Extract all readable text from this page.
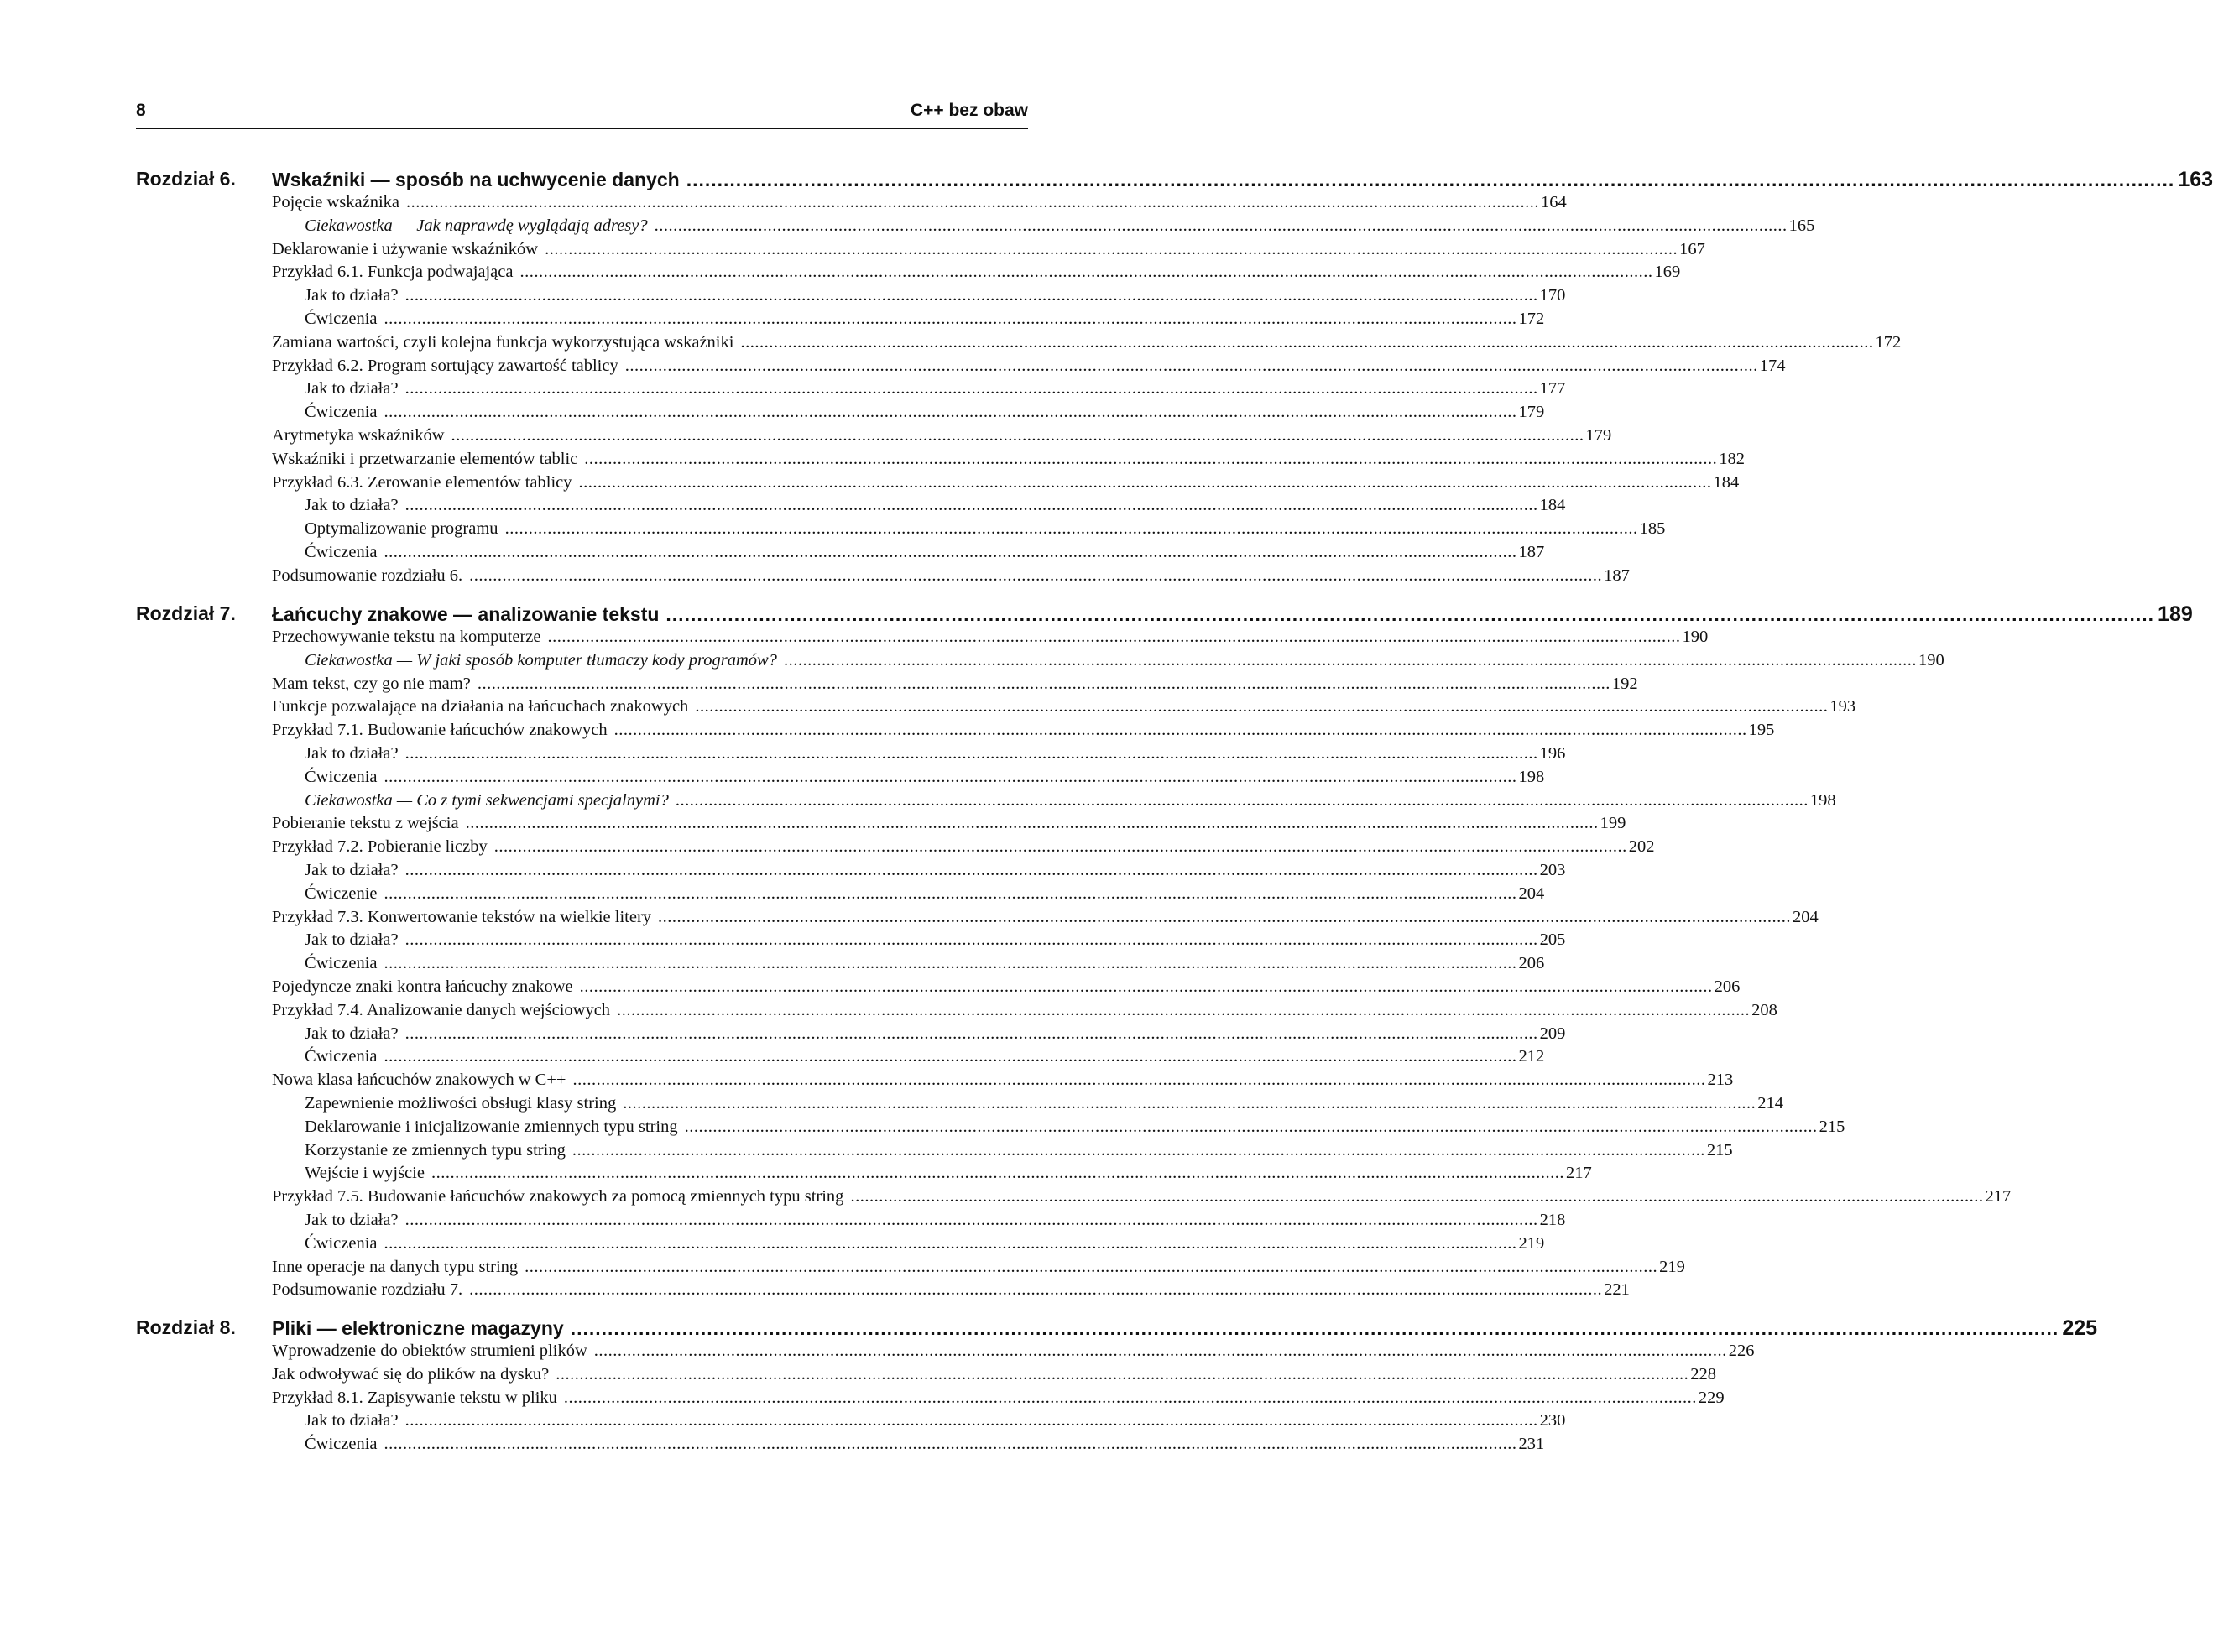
8	C++ bez obaw
Rozdział 6. Wskaźniki — sposób na uchwycenie danych ................................................................................................................................................................................................................................................ 163
Pojęcie wskaźnika ................................................................................................................................................................................................................................................ 164
Ciekawostka — Jak naprawdę wyglądają adresy? ................................................................................................................................................................................................................................................ 165
Deklarowanie i używanie wskaźników ................................................................................................................................................................................................................................................ 167
Przykład 6.1. Funkcja podwajająca ................................................................................................................................................................................................................................................ 169
Jak to działa? ................................................................................................................................................................................................................................................ 170
Ćwiczenia ................................................................................................................................................................................................................................................ 172
Zamiana wartości, czyli kolejna funkcja wykorzystująca wskaźniki ................................................................................................................................................................................................................................................ 172
Przykład 6.2. Program sortujący zawartość tablicy ................................................................................................................................................................................................................................................ 174
Jak to działa? ................................................................................................................................................................................................................................................ 177
Ćwiczenia ................................................................................................................................................................................................................................................ 179
Arytmetyka wskaźników ................................................................................................................................................................................................................................................ 179
Wskaźniki i przetwarzanie elementów tablic ................................................................................................................................................................................................................................................ 182
Przykład 6.3. Zerowanie elementów tablicy ................................................................................................................................................................................................................................................ 184
Jak to działa? ................................................................................................................................................................................................................................................ 184
Optymalizowanie programu ................................................................................................................................................................................................................................................ 185
Ćwiczenia ................................................................................................................................................................................................................................................ 187
Podsumowanie rozdziału 6. ................................................................................................................................................................................................................................................ 187
Rozdział 7. Łańcuchy znakowe — analizowanie tekstu ................................................................................................................................................................................................................................................ 189
Przechowywanie tekstu na komputerze ................................................................................................................................................................................................................................................ 190
Ciekawostka — W jaki sposób komputer tłumaczy kody programów? ................................................................................................................................................................................................................................................ 190
Mam tekst, czy go nie mam? ................................................................................................................................................................................................................................................ 192
Funkcje pozwalające na działania na łańcuchach znakowych ................................................................................................................................................................................................................................................ 193
Przykład 7.1. Budowanie łańcuchów znakowych ................................................................................................................................................................................................................................................ 195
Jak to działa? ................................................................................................................................................................................................................................................ 196
Ćwiczenia ................................................................................................................................................................................................................................................ 198
Ciekawostka — Co z tymi sekwencjami specjalnymi? ................................................................................................................................................................................................................................................ 198
Pobieranie tekstu z wejścia ................................................................................................................................................................................................................................................ 199
Przykład 7.2. Pobieranie liczby ................................................................................................................................................................................................................................................ 202
Jak to działa? ................................................................................................................................................................................................................................................ 203
Ćwiczenie ................................................................................................................................................................................................................................................ 204
Przykład 7.3. Konwertowanie tekstów na wielkie litery ................................................................................................................................................................................................................................................ 204
Jak to działa? ................................................................................................................................................................................................................................................ 205
Ćwiczenia ................................................................................................................................................................................................................................................ 206
Pojedyncze znaki kontra łańcuchy znakowe ................................................................................................................................................................................................................................................ 206
Przykład 7.4. Analizowanie danych wejściowych ................................................................................................................................................................................................................................................ 208
Jak to działa? ................................................................................................................................................................................................................................................ 209
Ćwiczenia ................................................................................................................................................................................................................................................ 212
Nowa klasa łańcuchów znakowych w C++ ................................................................................................................................................................................................................................................ 213
Zapewnienie możliwości obsługi klasy string ................................................................................................................................................................................................................................................ 214
Deklarowanie i inicjalizowanie zmiennych typu string ................................................................................................................................................................................................................................................ 215
Korzystanie ze zmiennych typu string ................................................................................................................................................................................................................................................ 215
Wejście i wyjście ................................................................................................................................................................................................................................................ 217
Przykład 7.5. Budowanie łańcuchów znakowych za pomocą zmiennych typu string ................................................................................................................................................................................................................................................ 217
Jak to działa? ................................................................................................................................................................................................................................................ 218
Ćwiczenia ................................................................................................................................................................................................................................................ 219
Inne operacje na danych typu string ................................................................................................................................................................................................................................................ 219
Podsumowanie rozdziału 7. ................................................................................................................................................................................................................................................ 221
Rozdział 8. Pliki — elektroniczne magazyny ................................................................................................................................................................................................................................................ 225
Wprowadzenie do obiektów strumieni plików ................................................................................................................................................................................................................................................ 226
Jak odwoływać się do plików na dysku? ................................................................................................................................................................................................................................................ 228
Przykład 8.1. Zapisywanie tekstu w pliku ................................................................................................................................................................................................................................................ 229
Jak to działa? ................................................................................................................................................................................................................................................ 230
Ćwiczenia ................................................................................................................................................................................................................................................ 231
